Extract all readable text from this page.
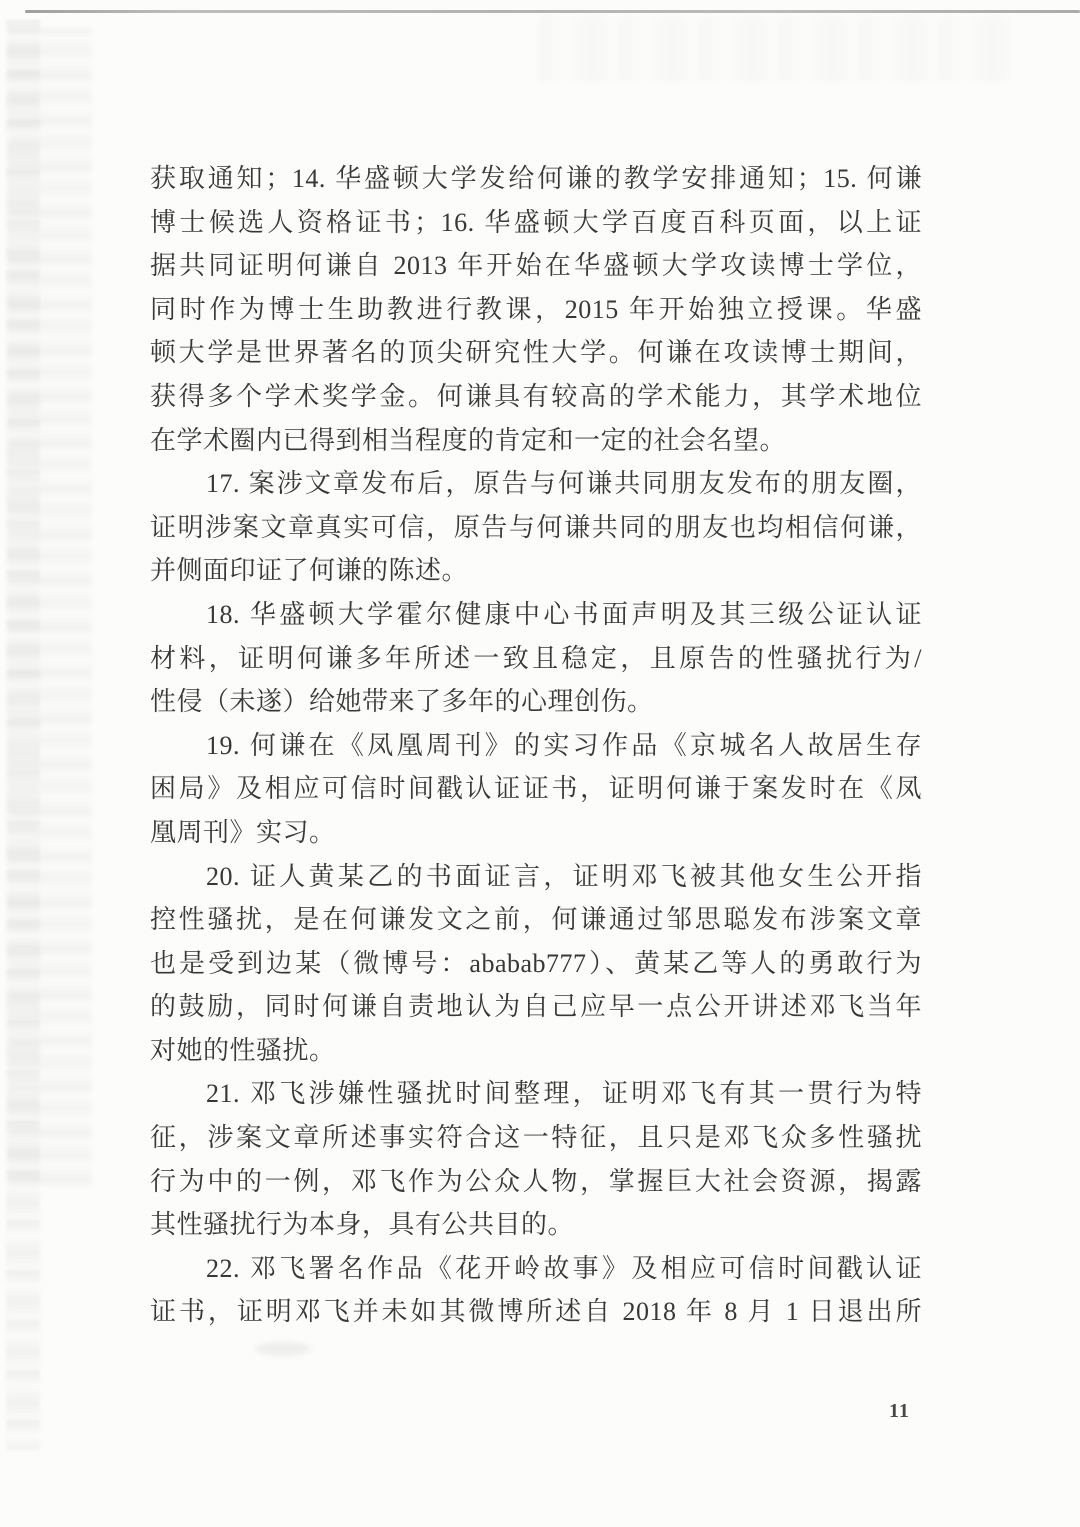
获取通知；14. 华盛顿大学发给何谦的教学安排通知；15. 何谦
博士候选人资格证书；16. 华盛顿大学百度百科页面，以上证
据共同证明何谦自 2013 年开始在华盛顿大学攻读博士学位，
同时作为博士生助教进行教课，2015 年开始独立授课。华盛
顿大学是世界著名的顶尖研究性大学。何谦在攻读博士期间，
获得多个学术奖学金。何谦具有较高的学术能力，其学术地位
在学术圈内已得到相当程度的肯定和一定的社会名望。
17. 案涉文章发布后，原告与何谦共同朋友发布的朋友圈，
证明涉案文章真实可信，原告与何谦共同的朋友也均相信何谦，
并侧面印证了何谦的陈述。
18. 华盛顿大学霍尔健康中心书面声明及其三级公证认证
材料，证明何谦多年所述一致且稳定，且原告的性骚扰行为/
性侵（未遂）给她带来了多年的心理创伤。
19. 何谦在《凤凰周刊》的实习作品《京城名人故居生存
困局》及相应可信时间戳认证证书，证明何谦于案发时在《凤
凰周刊》实习。
20. 证人黄某乙的书面证言，证明邓飞被其他女生公开指
控性骚扰，是在何谦发文之前，何谦通过邹思聪发布涉案文章
也是受到边某（微博号：ababab777）、黄某乙等人的勇敢行为
的鼓励，同时何谦自责地认为自己应早一点公开讲述邓飞当年
对她的性骚扰。
21. 邓飞涉嫌性骚扰时间整理，证明邓飞有其一贯行为特
征，涉案文章所述事实符合这一特征，且只是邓飞众多性骚扰
行为中的一例，邓飞作为公众人物，掌握巨大社会资源，揭露
其性骚扰行为本身，具有公共目的。
22. 邓飞署名作品《花开岭故事》及相应可信时间戳认证
证书，证明邓飞并未如其微博所述自 2018 年 8 月 1 日退出所
11
